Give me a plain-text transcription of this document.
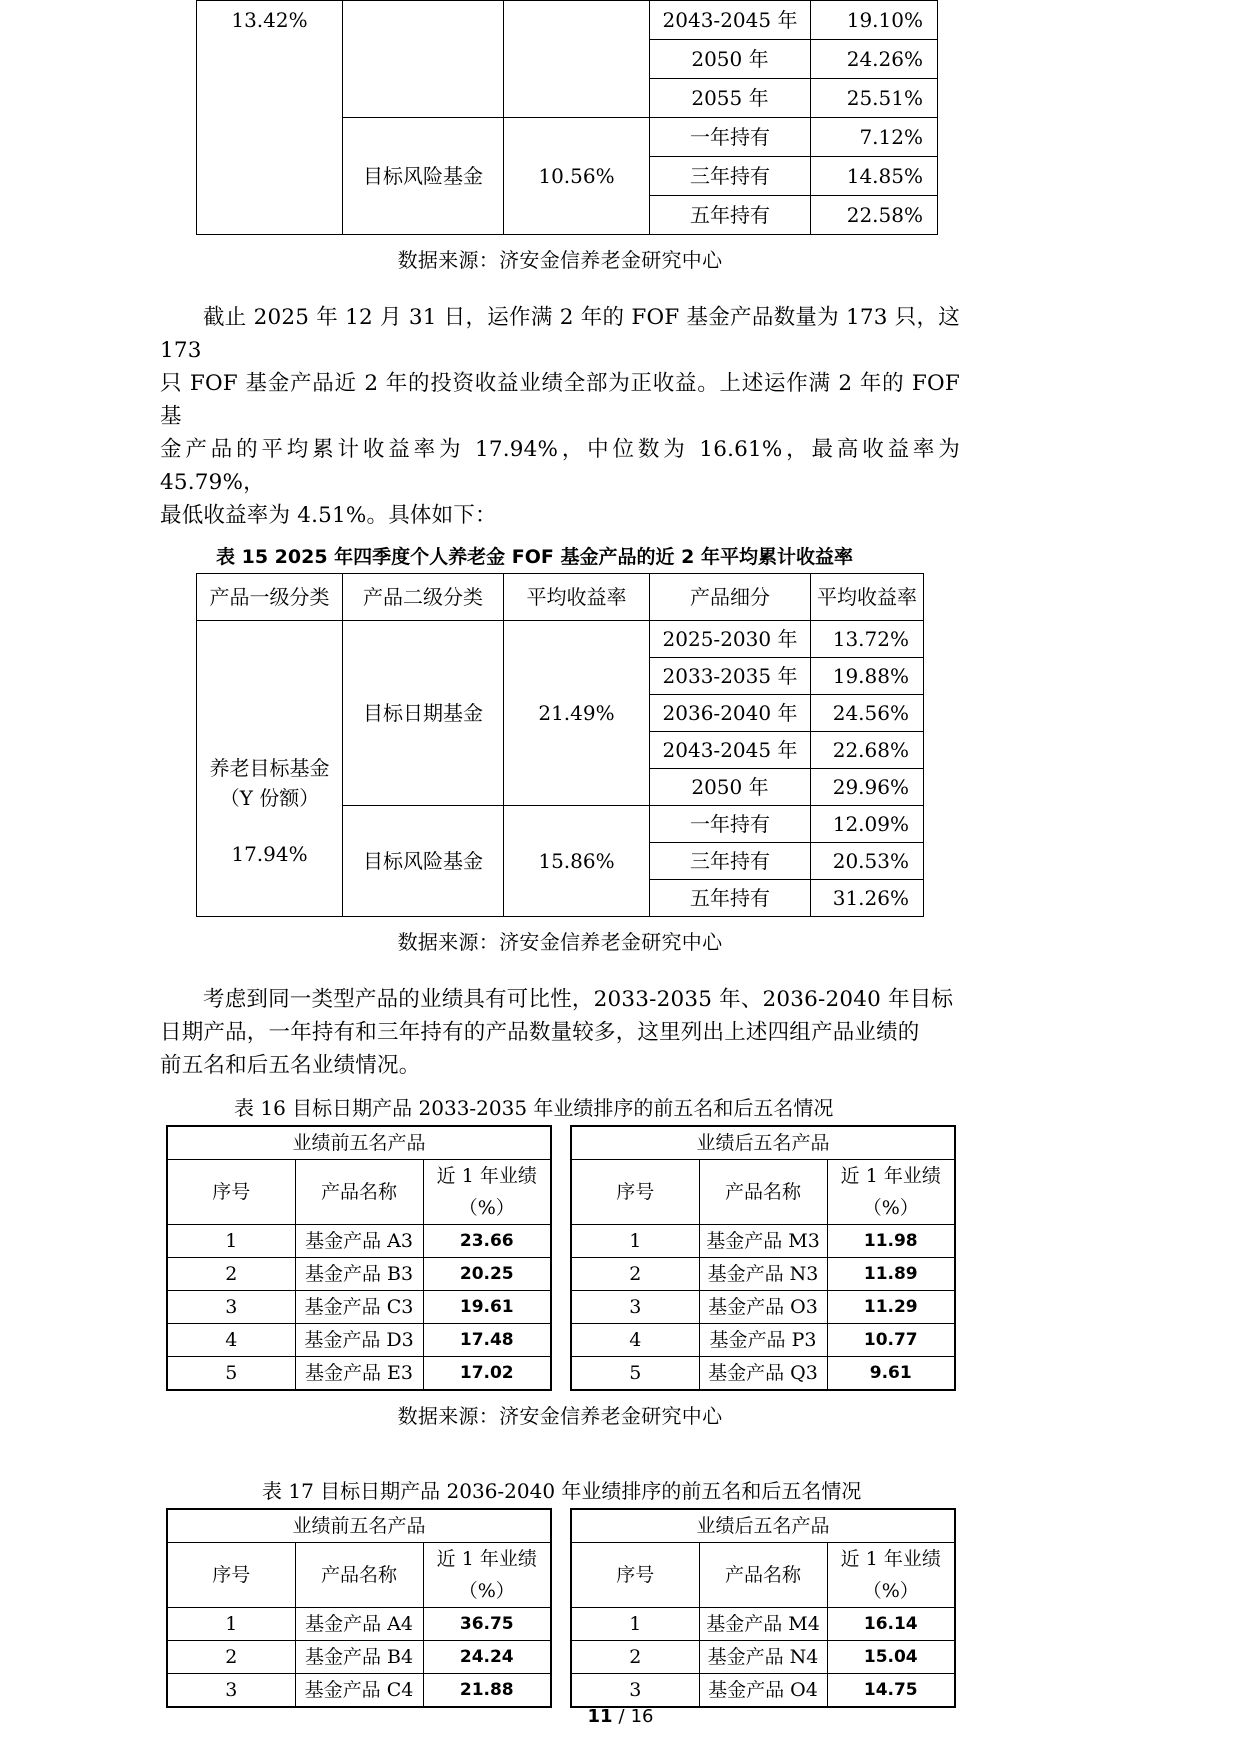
13.42%			2043-2045 年	19.10%
			2050 年	24.26%
			2055 年	25.51%
	目标风险基金	10.56%	一年持有	7.12%
			三年持有	14.85%
			五年持有	22.58%
数据来源：济安金信养老金研究中心
截止 2025 年 12 月 31 日，运作满 2 年的 FOF 基金产品数量为 173 只，这 173
只 FOF 基金产品近 2 年的投资收益业绩全部为正收益。上述运作满 2 年的 FOF 基
金产品的平均累计收益率为 17.94%，中位数为 16.61%，最高收益率为 45.79%，
最低收益率为 4.51%。具体如下：
表 15 2025 年四季度个人养老金 FOF 基金产品的近 2 年平均累计收益率
产品一级分类	产品二级分类	平均收益率	产品细分	平均收益率

养老目标基金
（Y 份额）
17.94%	目标日期基金	21.49%	2025-2030 年	13.72%
			2033-2035 年	19.88%
			2036-2040 年	24.56%
			2043-2045 年	22.68%
			2050 年	29.96%
	目标风险基金	15.86%	一年持有	12.09%
			三年持有	20.53%
			五年持有	31.26%
数据来源：济安金信养老金研究中心
考虑到同一类型产品的业绩具有可比性，2033-2035 年、2036-2040 年目标
日期产品，一年持有和三年持有的产品数量较多，这里列出上述四组产品业绩的
前五名和后五名业绩情况。
表 16 目标日期产品 2033-2035 年业绩排序的前五名和后五名情况
业绩前五名产品		
序号	产品名称	近 1 年业绩（%）
1	基金产品 A3	23.66
2	基金产品 B3	20.25
3	基金产品 C3	19.61
4	基金产品 D3	17.48
5	基金产品 E3	17.02
业绩后五名产品		
序号	产品名称	近 1 年业绩（%）
1	基金产品 M3	11.98
2	基金产品 N3	11.89
3	基金产品 O3	11.29
4	基金产品 P3	10.77
5	基金产品 Q3	9.61
数据来源：济安金信养老金研究中心
表 17 目标日期产品 2036-2040 年业绩排序的前五名和后五名情况
业绩前五名产品		
序号	产品名称	近 1 年业绩（%）
1	基金产品 A4	36.75
2	基金产品 B4	24.24
3	基金产品 C4	21.88
业绩后五名产品		
序号	产品名称	近 1 年业绩（%）
1	基金产品 M4	16.14
2	基金产品 N4	15.04
3	基金产品 O4	14.75
11 / 16
